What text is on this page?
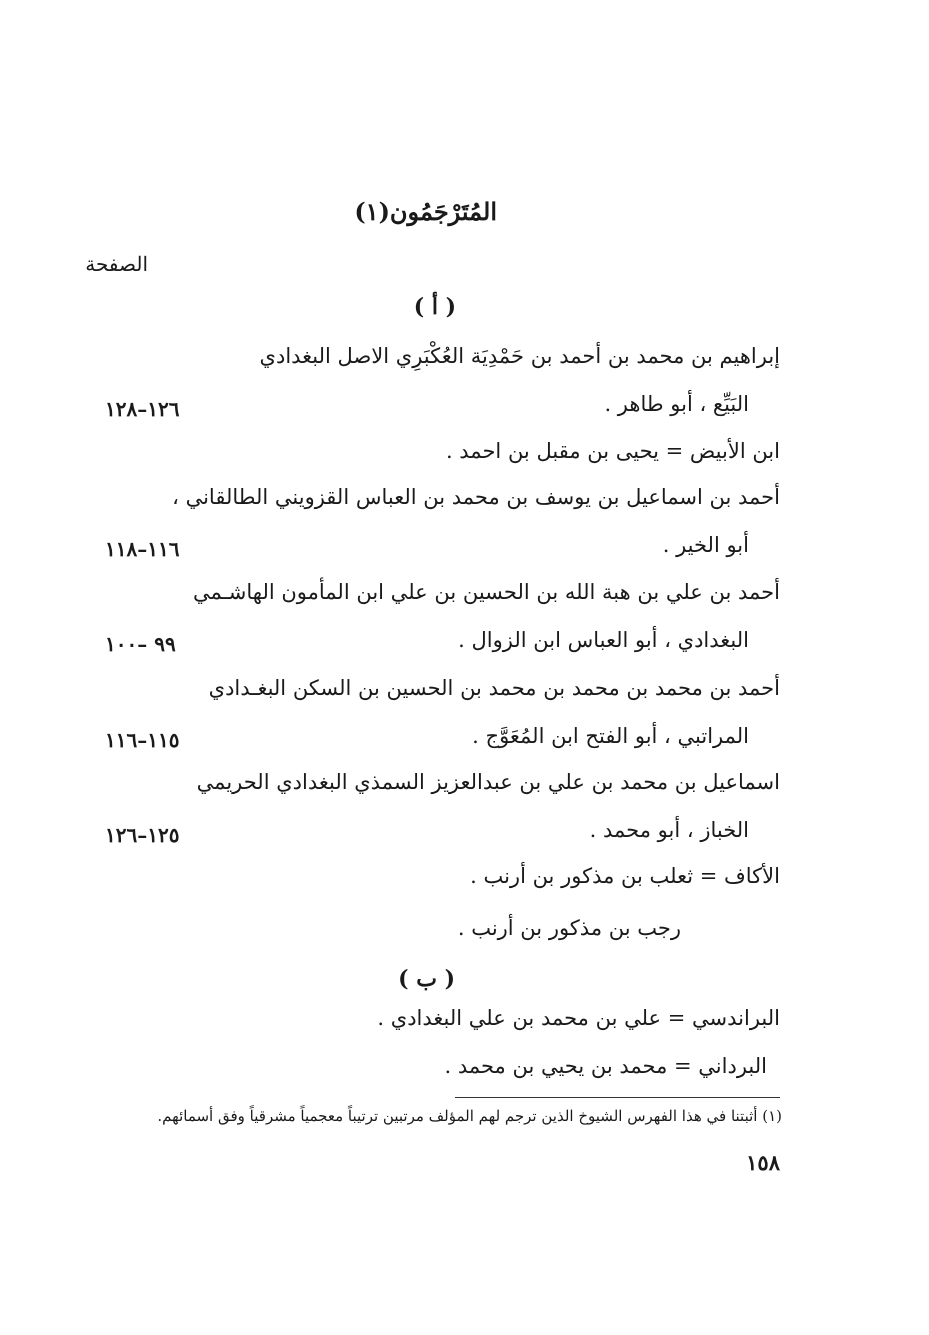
المُتَرْجَمُون(١)
الصفحة
( أ )
إبراهيم بن محمد بن أحمد بن حَمْدِيَة العُكْبَرِي الاصل البغدادي
البَيِّع ، أبو طاهر .
١٢٦–١٢٨
ابن الأبيض = يحيى بن مقبل بن احمد .
أحمد بن اسماعيل بن يوسف بن محمد بن العباس القزويني الطالقاني ،
أبو الخير .
١١٦–١١٨
أحمد بن علي بن هبة الله بن الحسين بن علي ابن المأمون الهاشـمي
البغدادي ، أبو العباس ابن الزوال .
٩٩ –١٠٠
أحمد بن محمد بن محمد بن محمد بن الحسين بن السكن البغـدادي
المراتبي ، أبو الفتح ابن المُعَوَّج .
١١٥–١١٦
اسماعيل بن محمد بن علي بن عبدالعزيز السمذي البغدادي الحريمي
الخباز ، أبو محمد .
١٢٥–١٢٦
الأكاف = ثعلب بن مذكور بن أرنب .
رجب بن مذكور بن أرنب .
( ب )
البراندسي = علي بن محمد بن علي البغدادي .
البرداني = محمد بن يحيي بن محمد .
(١) أثبتنا في هذا الفهرس الشيوخ الذين ترجم لهم المؤلف مرتبين ترتيباً معجمياً مشرقياً وفق أسمائهم.
١٥٨
